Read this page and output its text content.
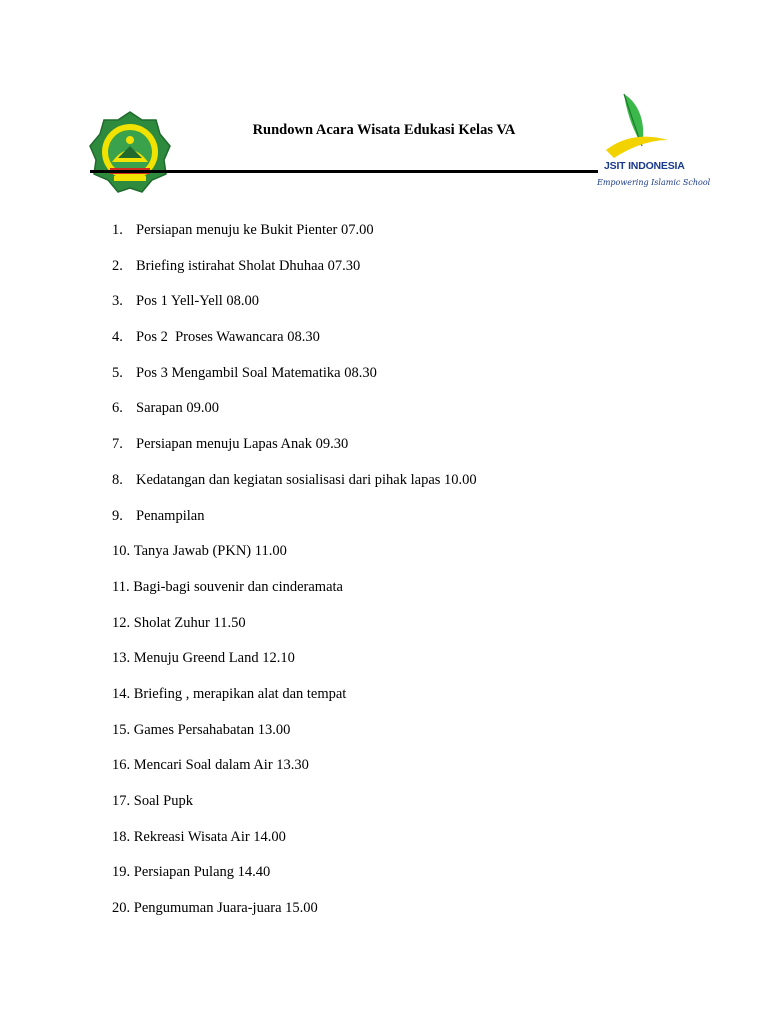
Rundown Acara Wisata Edukasi Kelas VA
JSIT INDONESIA
Empowering Islamic School
1. Persiapan menuju ke Bukit Pienter 07.00
2. Briefing istirahat Sholat Dhuhaa 07.30
3. Pos 1 Yell-Yell 08.00
4. Pos 2  Proses Wawancara 08.30
5. Pos 3 Mengambil Soal Matematika 08.30
6. Sarapan 09.00
7. Persiapan menuju Lapas Anak 09.30
8. Kedatangan dan kegiatan sosialisasi dari pihak lapas 10.00
9. Penampilan
10.
Tanya Jawab (PKN) 11.00
11.
Bagi-bagi souvenir dan cinderamata
12.
Sholat Zuhur 11.50
13.
Menuju Greend Land 12.10
14.
Briefing , merapikan alat dan tempat
15.
Games Persahabatan 13.00
16.
Mencari Soal dalam Air 13.30
17.
Soal Pupk
18.
Rekreasi Wisata Air 14.00
19.
Persiapan Pulang 14.40
20.
Pengumuman Juara-juara 15.00
